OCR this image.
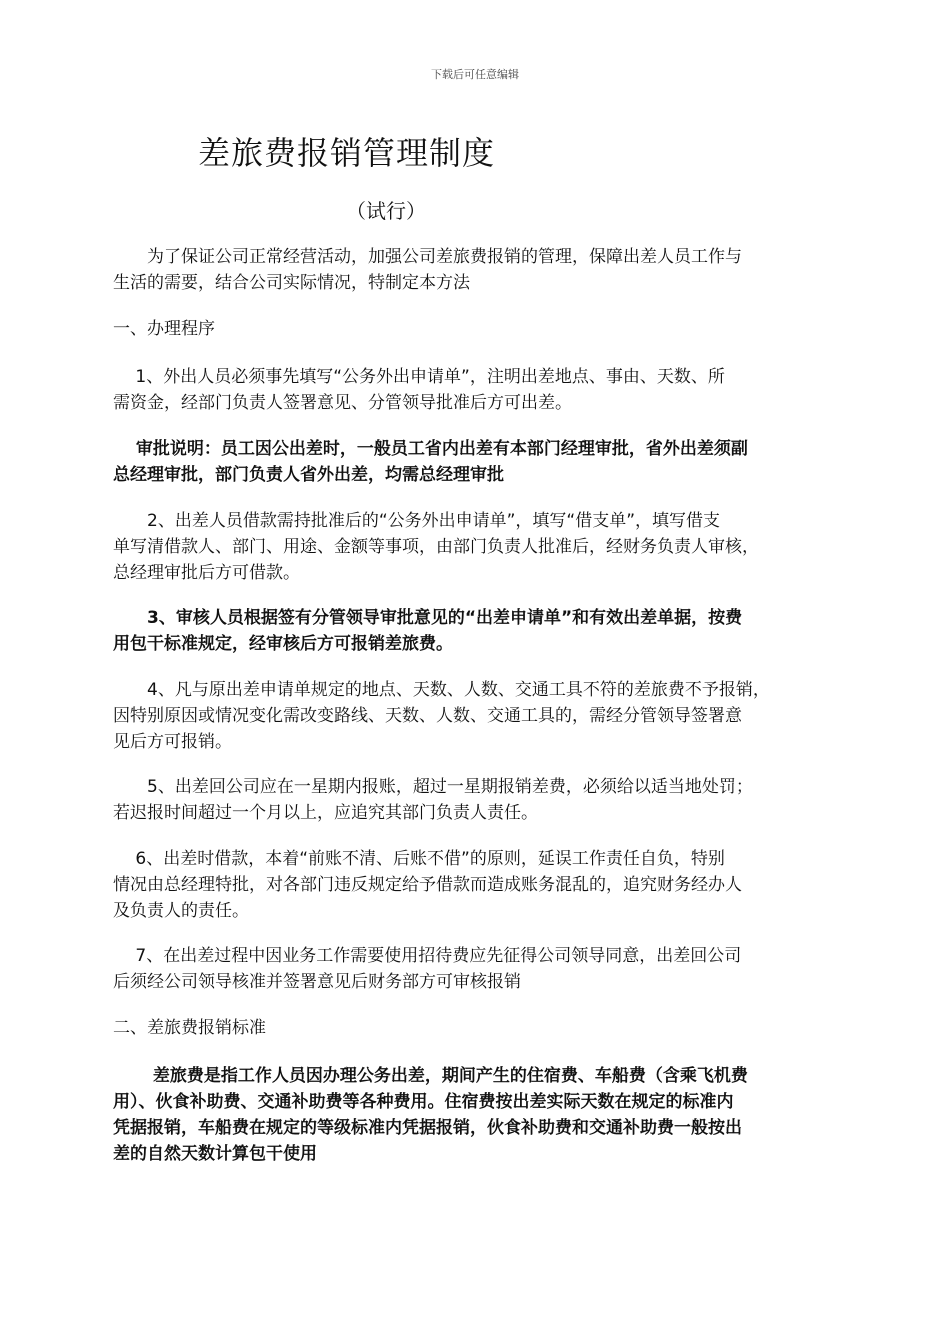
下载后可任意编辑
差旅费报销管理制度
（试行）
　　为了保证公司正常经营活动，加强公司差旅费报销的管理，保障出差人员工作与
生活的需要，结合公司实际情况，特制定本方法
一、办理程序
　 1、外出人员必须事先填写“公务外出申请单”，注明出差地点、事由、天数、所
需资金，经部门负责人签署意见、分管领导批准后方可出差。
　 审批说明：员工因公出差时，一般员工省内出差有本部门经理审批，省外出差须副
总经理审批，部门负责人省外出差，均需总经理审批
　　2、出差人员借款需持批准后的“公务外出申请单”，填写“借支单”，填写借支
单写清借款人、部门、用途、金额等事项，由部门负责人批准后，经财务负责人审核，
总经理审批后方可借款。
　　3、审核人员根据签有分管领导审批意见的“出差申请单”和有效出差单据，按费
用包干标准规定，经审核后方可报销差旅费。
　　4、凡与原出差申请单规定的地点、天数、人数、交通工具不符的差旅费不予报销，
因特别原因或情况变化需改变路线、天数、人数、交通工具的，需经分管领导签署意
见后方可报销。
　　5、出差回公司应在一星期内报账，超过一星期报销差费，必须给以适当地处罚；
若迟报时间超过一个月以上，应追究其部门负责人责任。
　 6、出差时借款，本着“前账不清、后账不借”的原则，延误工作责任自负，特别
情况由总经理特批，对各部门违反规定给予借款而造成账务混乱的，追究财务经办人
及负责人的责任。
　 7、在出差过程中因业务工作需要使用招待费应先征得公司领导同意，出差回公司
后须经公司领导核准并签署意见后财务部方可审核报销
二、差旅费报销标准
　　 差旅费是指工作人员因办理公务出差，期间产生的住宿费、车船费（含乘飞机费
用）、伙食补助费、交通补助费等各种费用。住宿费按出差实际天数在规定的标准内
凭据报销，车船费在规定的等级标准内凭据报销，伙食补助费和交通补助费一般按出
差的自然天数计算包干使用
